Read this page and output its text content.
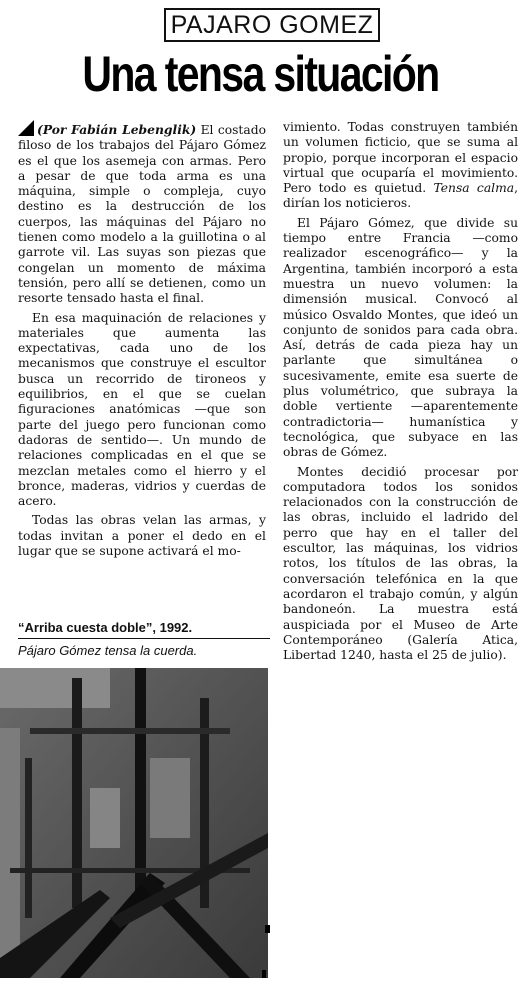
PAJARO GOMEZ
Una tensa situación

(Por Fabián Lebenglik) El costado filoso de los trabajos del Pájaro Gómez es el que los asemeja con armas. Pero a pesar de que toda arma es una máquina, simple o compleja, cuyo destino es la destrucción de los cuerpos, las máquinas del Pájaro no tienen como modelo a la guillotina o al garrote vil. Las suyas son piezas que congelan un momento de máxima tensión, pero allí se detienen, como un resorte tensado hasta el final.

En esa maquinación de relaciones y materiales que aumenta las expectativas, cada uno de los mecanismos que construye el escultor busca un recorrido de tironeos y equilibrios, en el que se cuelan figuraciones anatómicas —que son parte del juego pero funcionan como dadoras de sentido—. Un mundo de relaciones complicadas en el que se mezclan metales como el hierro y el bronce, maderas, vidrios y cuerdas de acero.

Todas las obras velan las armas, y todas invitan a poner el dedo en el lugar que se supone activará el mo-

vimiento. Todas construyen también un volumen ficticio, que se suma al propio, porque incorporan el espacio virtual que ocuparía el movimiento. Pero todo es quietud. Tensa calma, dirían los noticieros.

El Pájaro Gómez, que divide su tiempo entre Francia —como realizador escenográfico— y la Argentina, también incorporó a esta muestra un nuevo volumen: la dimensión musical. Convocó al músico Osvaldo Montes, que ideó un conjunto de sonidos para cada obra. Así, detrás de cada pieza hay un parlante que simultánea o sucesivamente, emite esa suerte de plus volumétrico, que subraya la doble vertiente —aparentemente contradictoria— humanística y tecnológica, que subyace en las obras de Gómez.

Montes decidió procesar por computadora todos los sonidos relacionados con la construcción de las obras, incluido el ladrido del perro que hay en el taller del escultor, las máquinas, los vidrios rotos, los títulos de las obras, la conversación telefónica en la que acordaron el trabajo común, y algún bandoneón. La muestra está auspiciada por el Museo de Arte Contemporáneo (Galería Atica, Libertad 1240, hasta el 25 de julio).

“Arriba cuesta doble”, 1992.
Pájaro Gómez tensa la cuerda.
